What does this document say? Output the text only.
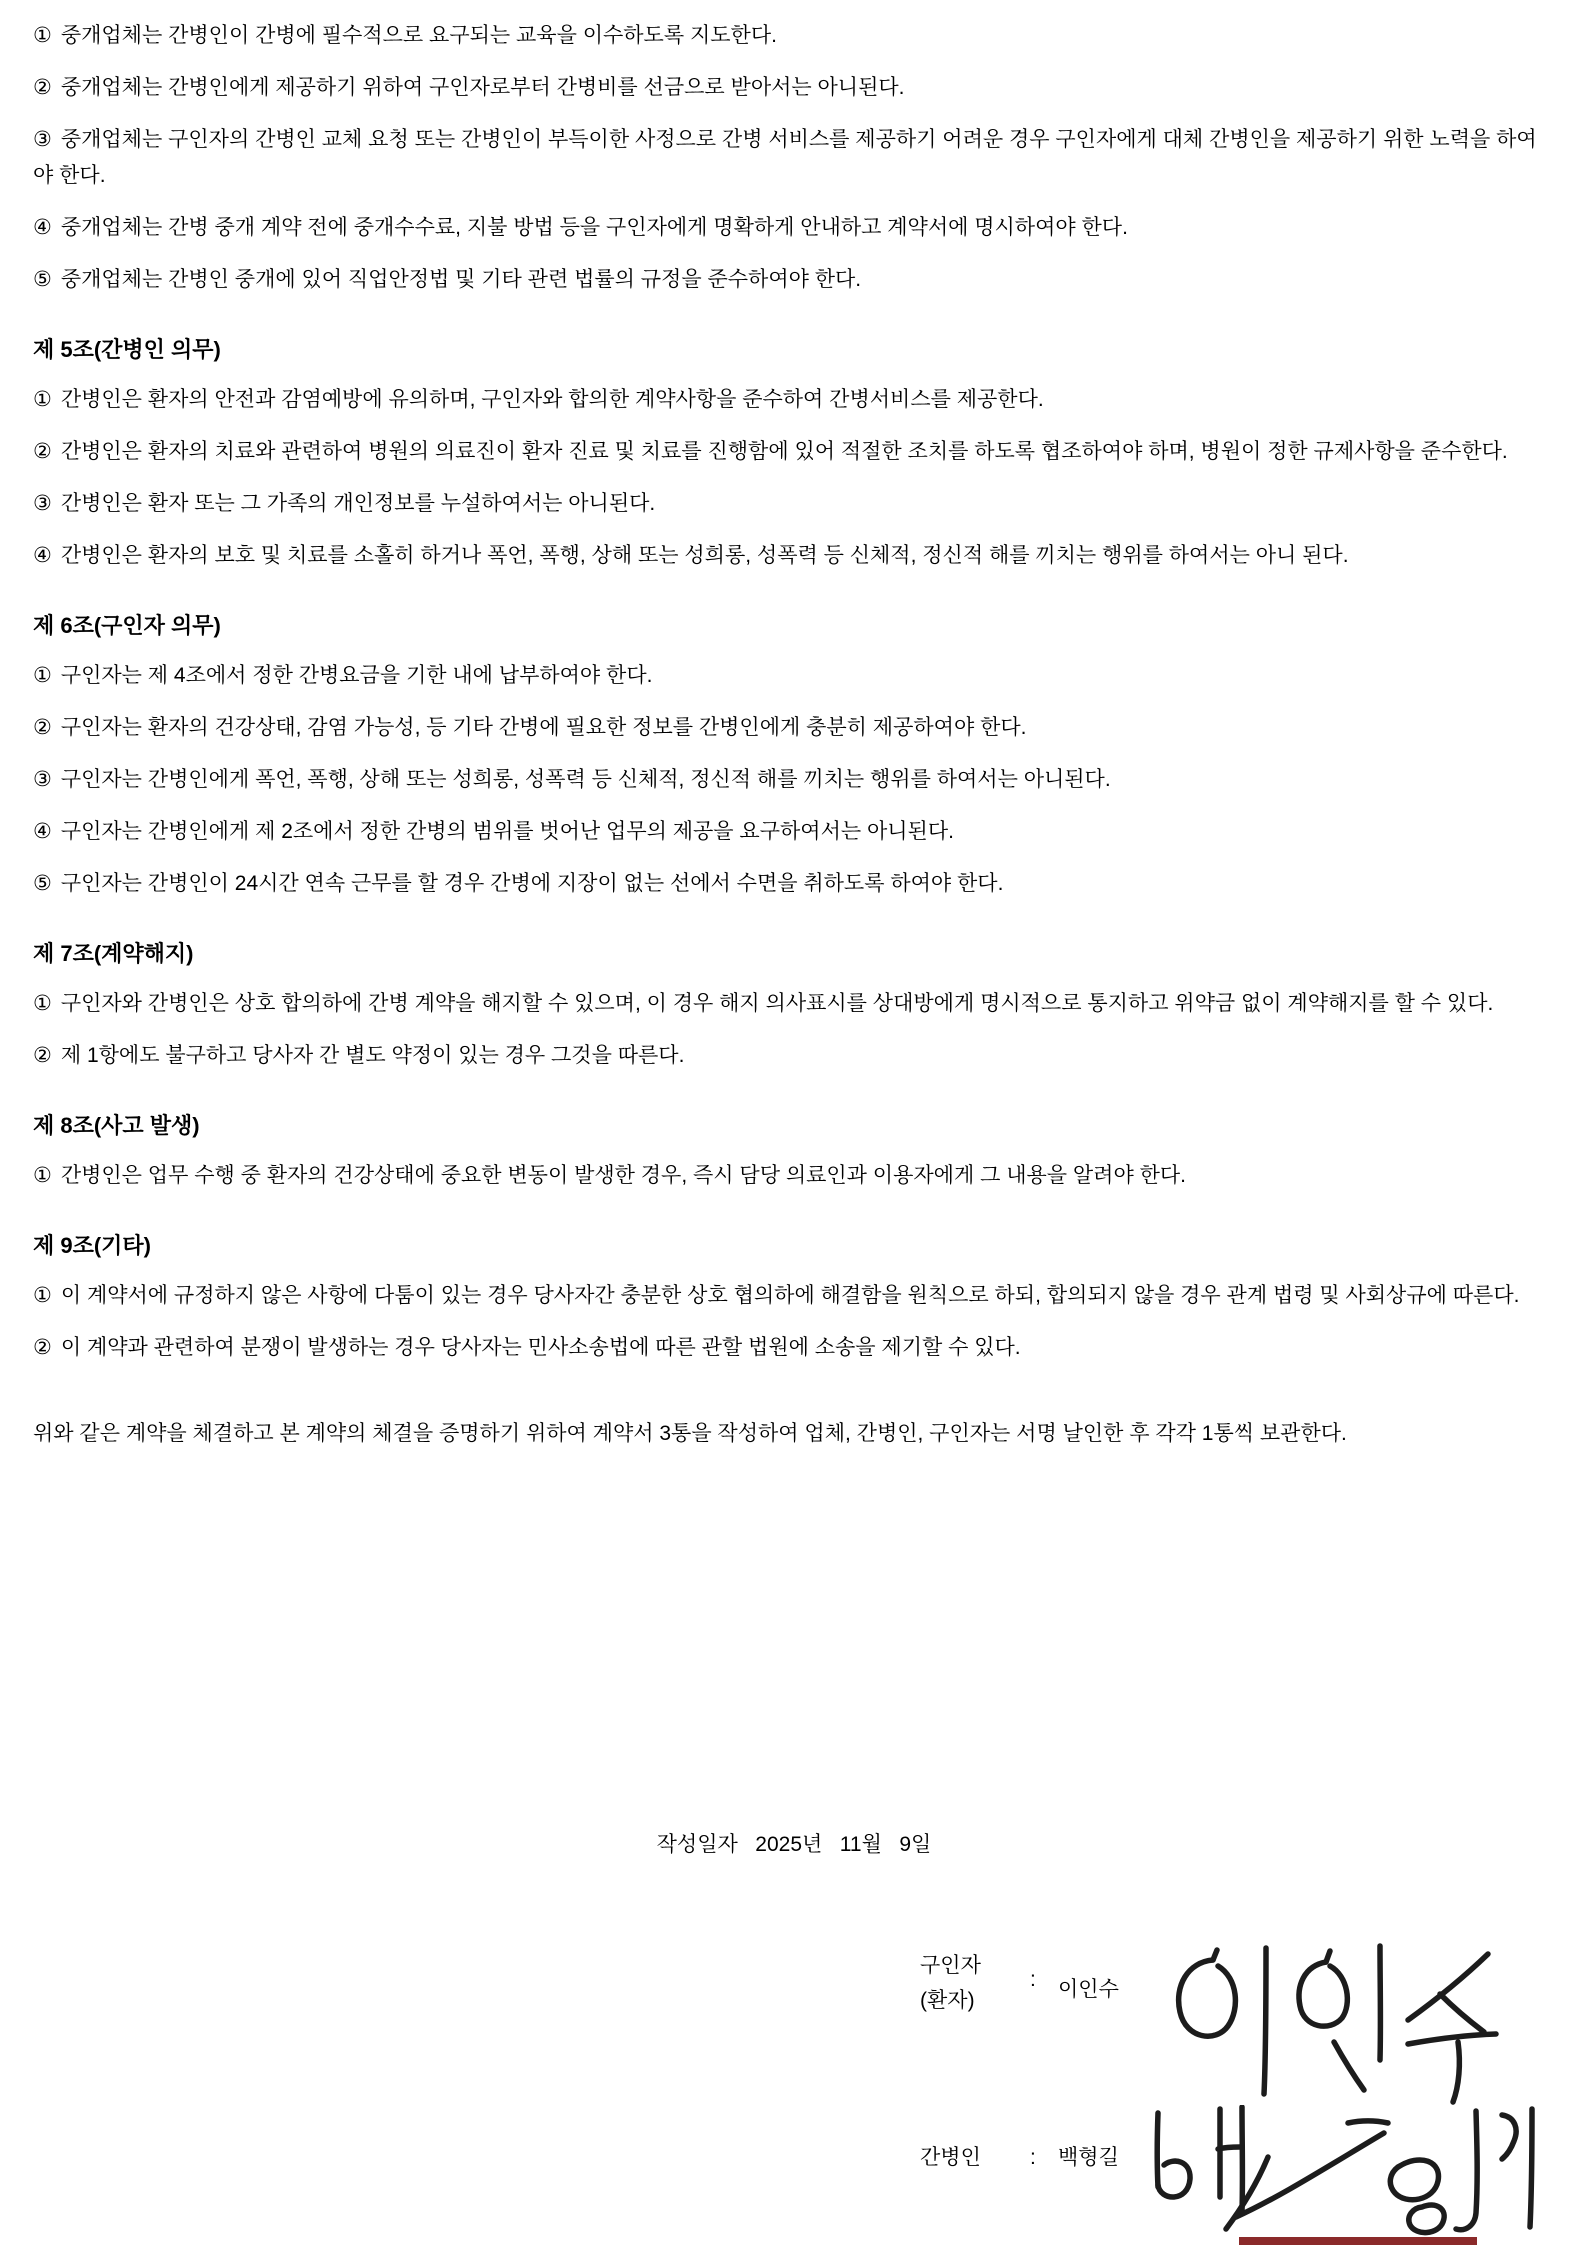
① 중개업체는 간병인이 간병에 필수적으로 요구되는 교육을 이수하도록 지도한다.

② 중개업체는 간병인에게 제공하기 위하여 구인자로부터 간병비를 선금으로 받아서는 아니된다.

③ 중개업체는 구인자의 간병인 교체 요청 또는 간병인이 부득이한 사정으로 간병 서비스를 제공하기 어려운 경우 구인자에게 대체 간병인을 제공하기 위한 노력을 하여야 한다.

④ 중개업체는 간병 중개 계약 전에 중개수수료, 지불 방법 등을 구인자에게 명확하게 안내하고 계약서에 명시하여야 한다.

⑤ 중개업체는 간병인 중개에 있어 직업안정법 및 기타 관련 법률의 규정을 준수하여야 한다.

제 5조(간병인 의무)

① 간병인은 환자의 안전과 감염예방에 유의하며, 구인자와 합의한 계약사항을 준수하여 간병서비스를 제공한다.

② 간병인은 환자의 치료와 관련하여 병원의 의료진이 환자 진료 및 치료를 진행함에 있어 적절한 조치를 하도록 협조하여야 하며, 병원이 정한 규제사항을 준수한다.

③ 간병인은 환자 또는 그 가족의 개인정보를 누설하여서는 아니된다.

④ 간병인은 환자의 보호 및 치료를 소홀히 하거나 폭언, 폭행, 상해 또는 성희롱, 성폭력 등 신체적, 정신적 해를 끼치는 행위를 하여서는 아니 된다.

제 6조(구인자 의무)

① 구인자는 제 4조에서 정한 간병요금을 기한 내에 납부하여야 한다.

② 구인자는 환자의 건강상태, 감염 가능성, 등 기타 간병에 필요한 정보를 간병인에게 충분히 제공하여야 한다.

③ 구인자는 간병인에게 폭언, 폭행, 상해 또는 성희롱, 성폭력 등 신체적, 정신적 해를 끼치는 행위를 하여서는 아니된다.

④ 구인자는 간병인에게 제 2조에서 정한 간병의 범위를 벗어난 업무의 제공을 요구하여서는 아니된다.

⑤ 구인자는 간병인이 24시간 연속 근무를 할 경우 간병에 지장이 없는 선에서 수면을 취하도록 하여야 한다.

제 7조(계약해지)

① 구인자와 간병인은 상호 합의하에 간병 계약을 해지할 수 있으며, 이 경우 해지 의사표시를 상대방에게 명시적으로 통지하고 위약금 없이 계약해지를 할 수 있다.

② 제 1항에도 불구하고 당사자 간 별도 약정이 있는 경우 그것을 따른다.

제 8조(사고 발생)

① 간병인은 업무 수행 중 환자의 건강상태에 중요한 변동이 발생한 경우, 즉시 담당 의료인과 이용자에게 그 내용을 알려야 한다.

제 9조(기타)

① 이 계약서에 규정하지 않은 사항에 다툼이 있는 경우 당사자간 충분한 상호 협의하에 해결함을 원칙으로 하되, 합의되지 않을 경우 관계 법령 및 사회상규에 따른다.

② 이 계약과 관련하여 분쟁이 발생하는 경우 당사자는 민사소송법에 따른 관할 법원에 소송을 제기할 수 있다.

위와 같은 계약을 체결하고 본 계약의 체결을 증명하기 위하여 계약서 3통을 작성하여 업체, 간병인, 구인자는 서명 날인한 후 각각 1통씩 보관한다.

작성일자   2025년   11월   9일
구인자
(환자)
: 이인수
간병인 : 백형길
